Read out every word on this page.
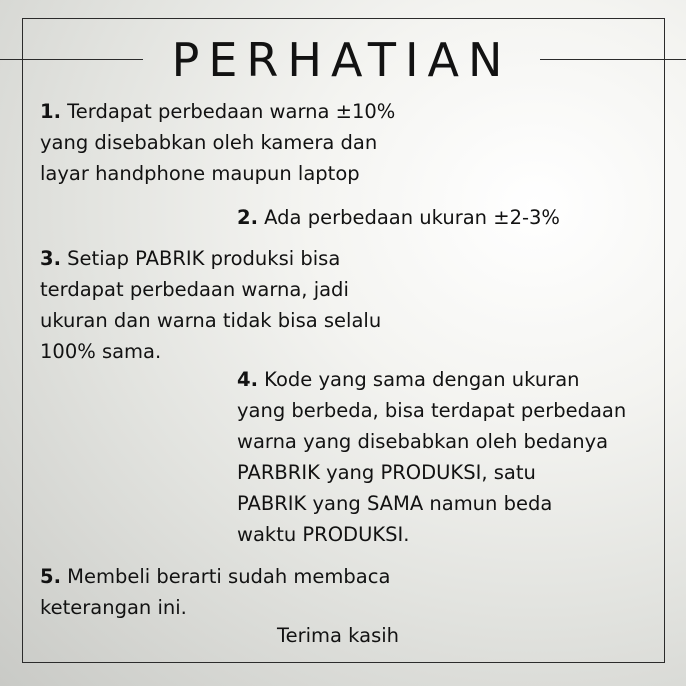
PERHATIAN
1. Terdapat perbedaan warna ±10%
yang disebabkan oleh kamera dan
layar handphone maupun laptop
2. Ada perbedaan ukuran ±2-3%
3. Setiap PABRIK produksi bisa
terdapat perbedaan warna, jadi
ukuran dan warna tidak bisa selalu
100% sama.
4. Kode yang sama dengan ukuran
yang berbeda, bisa terdapat perbedaan
warna yang disebabkan oleh bedanya
PARBRIK yang PRODUKSI, satu
PABRIK yang SAMA namun beda
waktu PRODUKSI.
5. Membeli berarti sudah membaca
keterangan ini.
Terima kasih
